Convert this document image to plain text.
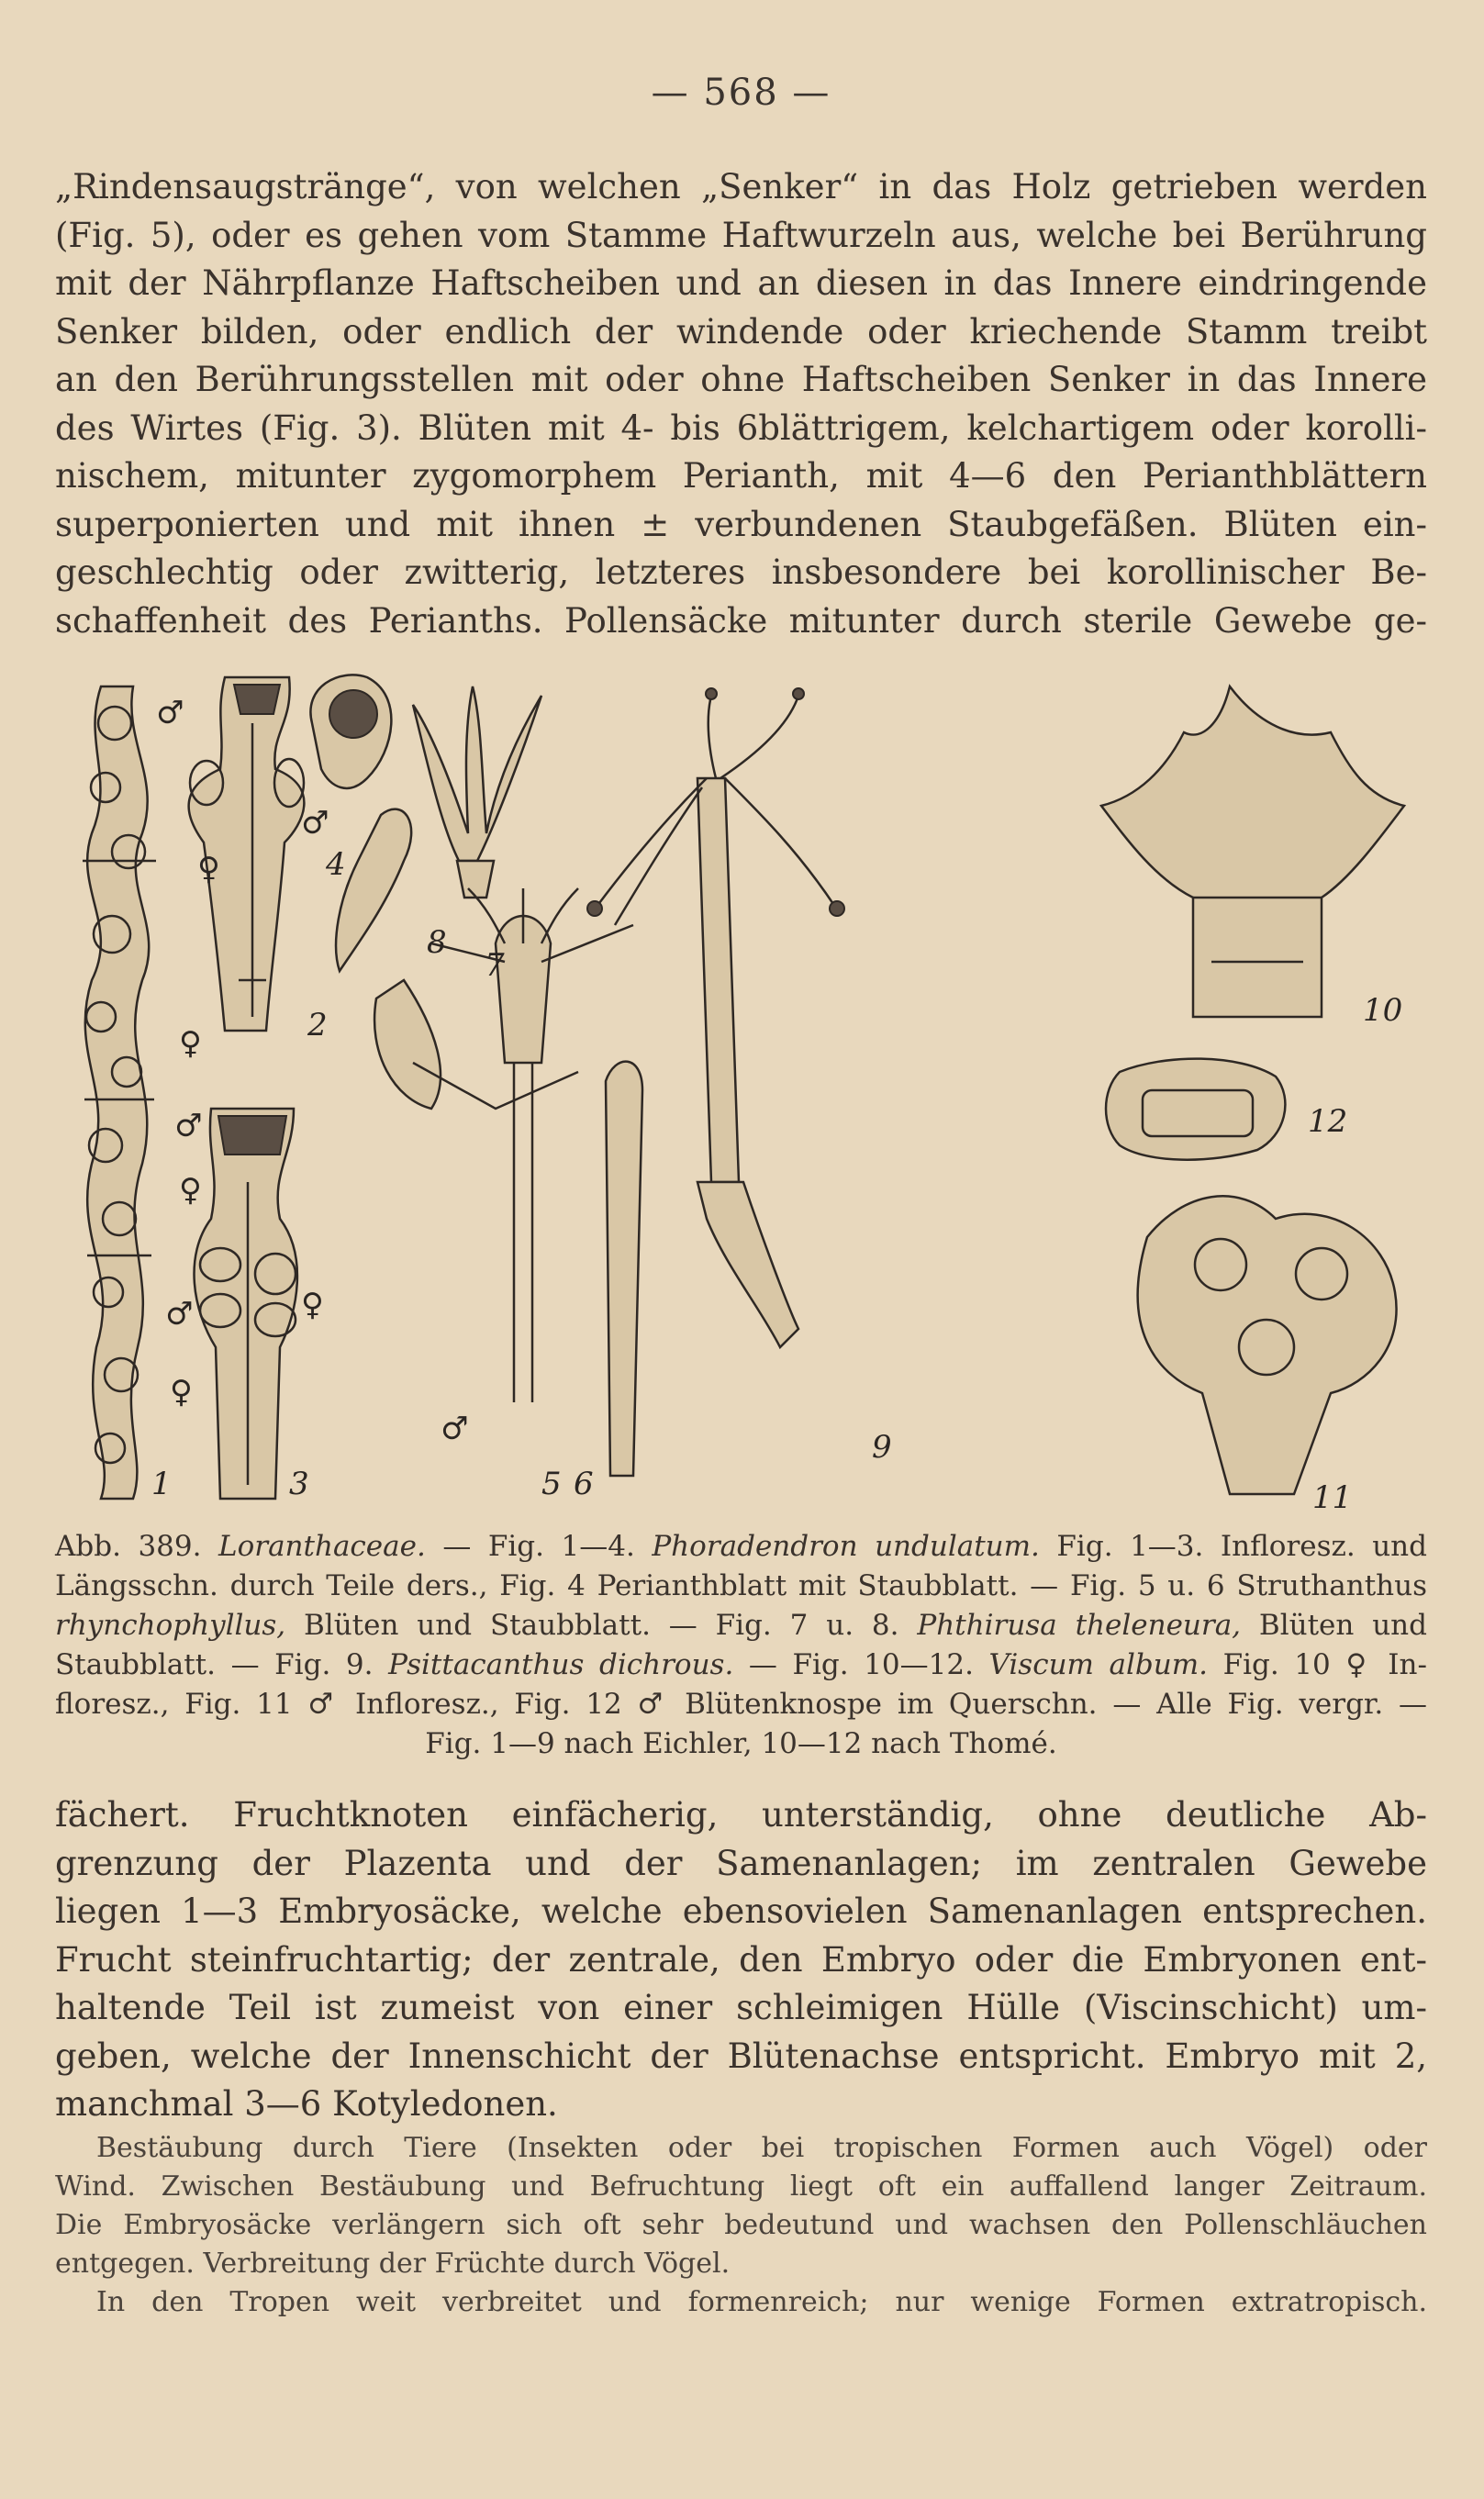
— 568 —
„Rindensaugstränge“, von welchen „Senker“ in das Holz getrieben werden
(Fig. 5), oder es gehen vom Stamme Haftwurzeln aus, welche bei Berührung
mit der Nährpflanze Haftscheiben und an diesen in das Innere eindringende
Senker bilden, oder endlich der windende oder kriechende Stamm treibt
an den Berührungsstellen mit oder ohne Haftscheiben Senker in das Innere
des Wirtes (Fig. 3). Blüten mit 4- bis 6blättrigem, kelchartigem oder korolli-
nischem, mitunter zygomorphem Perianth, mit 4—6 den Perianthblättern
superponierten und mit ihnen ± verbundenen Staubgefäßen. Blüten ein-
geschlechtig oder zwitterig, letzteres insbesondere bei korollinischer Be-
schaffenheit des Perianths. Pollensäcke mitunter durch sterile Gewebe ge-
1
2
3
4
5 6
7
8
9
10
12
11
♂
♀
♀
♂
♀
♂
♀
♂
♀
♂
Abb. 389. Loranthaceae. — Fig. 1—4. Phoradendron undulatum. Fig. 1—3. Infloresz. und
Längsschn. durch Teile ders., Fig. 4 Perianthblatt mit Staubblatt. — Fig. 5 u. 6 Struthanthus
rhynchophyllus, Blüten und Staubblatt. — Fig. 7 u. 8. Phthirusa theleneura, Blüten und
Staubblatt. — Fig. 9. Psittacanthus dichrous. — Fig. 10—12. Viscum album. Fig. 10 ♀ In-
floresz., Fig. 11 ♂ Infloresz., Fig. 12 ♂ Blütenknospe im Querschn. — Alle Fig. vergr. —
Fig. 1—9 nach Eichler, 10—12 nach Thomé.
fächert. Fruchtknoten einfächerig, unterständig, ohne deutliche Ab-
grenzung der Plazenta und der Samenanlagen; im zentralen Gewebe
liegen 1—3 Embryosäcke, welche ebensovielen Samenanlagen entsprechen.
Frucht steinfruchtartig; der zentrale, den Embryo oder die Embryonen ent-
haltende Teil ist zumeist von einer schleimigen Hülle (Viscinschicht) um-
geben, welche der Innenschicht der Blütenachse entspricht. Embryo mit 2,
manchmal 3—6 Kotyledonen.
Bestäubung durch Tiere (Insekten oder bei tropischen Formen auch Vögel) oder
Wind. Zwischen Bestäubung und Befruchtung liegt oft ein auffallend langer Zeitraum.
Die Embryosäcke verlängern sich oft sehr bedeutund und wachsen den Pollenschläuchen
entgegen. Verbreitung der Früchte durch Vögel.
In den Tropen weit verbreitet und formenreich; nur wenige Formen extratropisch.
